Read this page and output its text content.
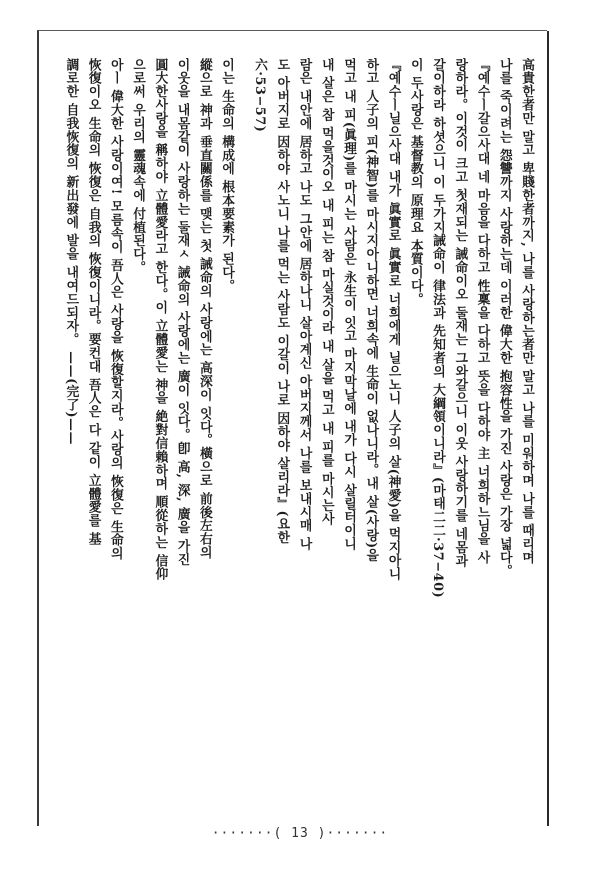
高貴한者만 말고 卑賤한者까지, 나를 사랑하는者만 말고 나를 미워하며 나를 때리며
나를 죽이려는 怨讐까지 사랑하는데 이러한 偉大한 抱容性을 가진 사랑은 가장 넓다。
『예수ㅣ갈으사대 네 마음을 다하고 性稟을 다하고 뜻을 다하야 主 너희하느님을 사
랑하라。이것이 크고 첫재되는 誡命이오 둘재는 그와갈으니 이웃 사랑하기를 네몸과
갈이하라 하셧으니 이 두가지誡命이 律法과 先知者의 大綱領이니라』(마태二二·37−40)
이 두사랑은 基督教의 原理요 本質이다。
『예수ㅣ닐으사대 내가 眞實로 眞實로 너희에게 닐으노니 人子의 살(神愛)을 먹지아니
하고 人子의 피(神智)를 마시지아니하면 너희속에 生命이 없나니라。내 살(사랑)을
먹고 내 피(眞理)를 마시는 사람은 永生이 잇고 마지막날에 내가 다시 살릴터이니
내 살은 참 먹을것이오 내 피는 참 마실것이라 내 살을 먹고 내 피를 마시는사
람은 내안에 居하고 나도 그안에 居하나니 살아계신 아버지께서 나를 보내시매 나
도 아버지로 因하야 사노니 나를 먹는 사람도 이갈이 나로 因하야 살리라』(요한
六·53−57)
이는 生命의 構成에 根本要素가 된다。
縱으로 神과 垂直關係를 맺는 첫 誡命의 사랑에는 高深이 잇다。橫으로 前後左右의
이웃을 내몸같이 사랑하는 둘재ㅅ 誡命의 사랑에는 廣이 잇다。卽 高, 深, 廣을 가진
圓大한사랑을 稱하야 立體愛라고 한다。이 立體愛는 神을 絶對信賴하며 順從하는 信仰
으로써 우리의 靈魂속에 付植된다。
아ㅣ 偉大한 사랑이여! 모름속이 吾人은 사랑을 恢復할지라。사랑의 恢復은 生命의
恢復이오 生命의 恢復은 自我의 恢復이니라。要컨대 吾人은 다 같이 立體愛를 基
調로한 自我恢復의 新出發에 발을 내여드되자。 ——(完了)——
·······( 13 )·······
